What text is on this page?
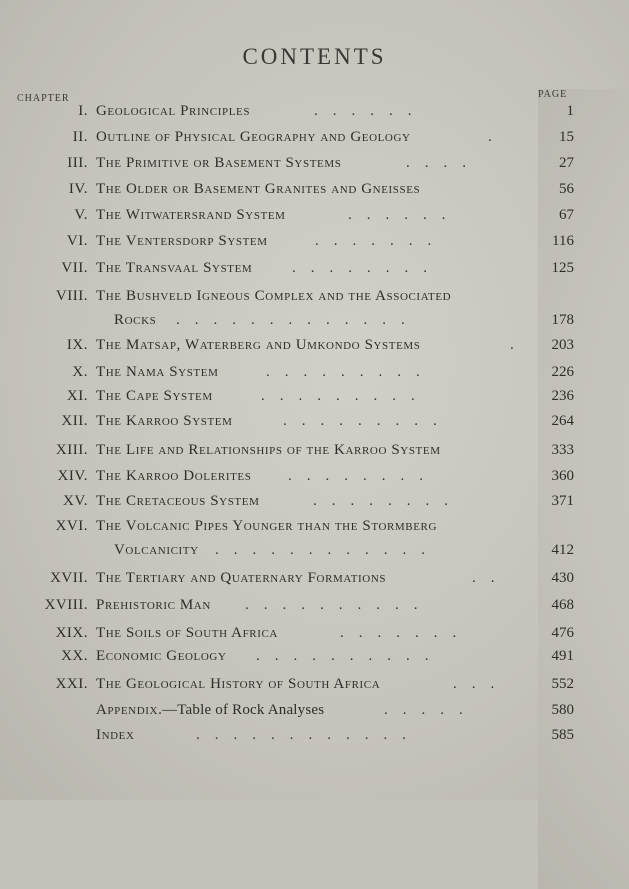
CONTENTS
CHAPTER	PAGE
I. Geological Principles	......	1
II. Outline of Physical Geography and Geology	.	15
III. The Primitive or Basement Systems	....	27
IV. The Older or Basement Granites and Gneisses	56
V. The Witwatersrand System	......	67
VI. The Ventersdorp System	.......	116
VII. The Transvaal System	........	125
VIII. The Bushveld Igneous Complex and the Associated
Rocks .............	178
IX. The Matsap, Waterberg and Umkondo Systems	.	203
X. The Nama System	.........	226
XI. The Cape System	.........	236
XII. The Karroo System	.........	264
XIII. The Life and Relationships of the Karroo System	333
XIV. The Karroo Dolerites ........	360
XV. The Cretaceous System	........	371
XVI. The Volcanic Pipes Younger than the Stormberg
Volcanicity ............	412
XVII. The Tertiary and Quaternary Formations	..	430
XVIII. Prehistoric Man ..........	468
XIX. The Soils of South Africa	.......	476
XX. Economic Geology ..........	491
XXI. The Geological History of South Africa	...	552
Appendix.—Table of Rock Analyses	.....	580
Index	............	585
